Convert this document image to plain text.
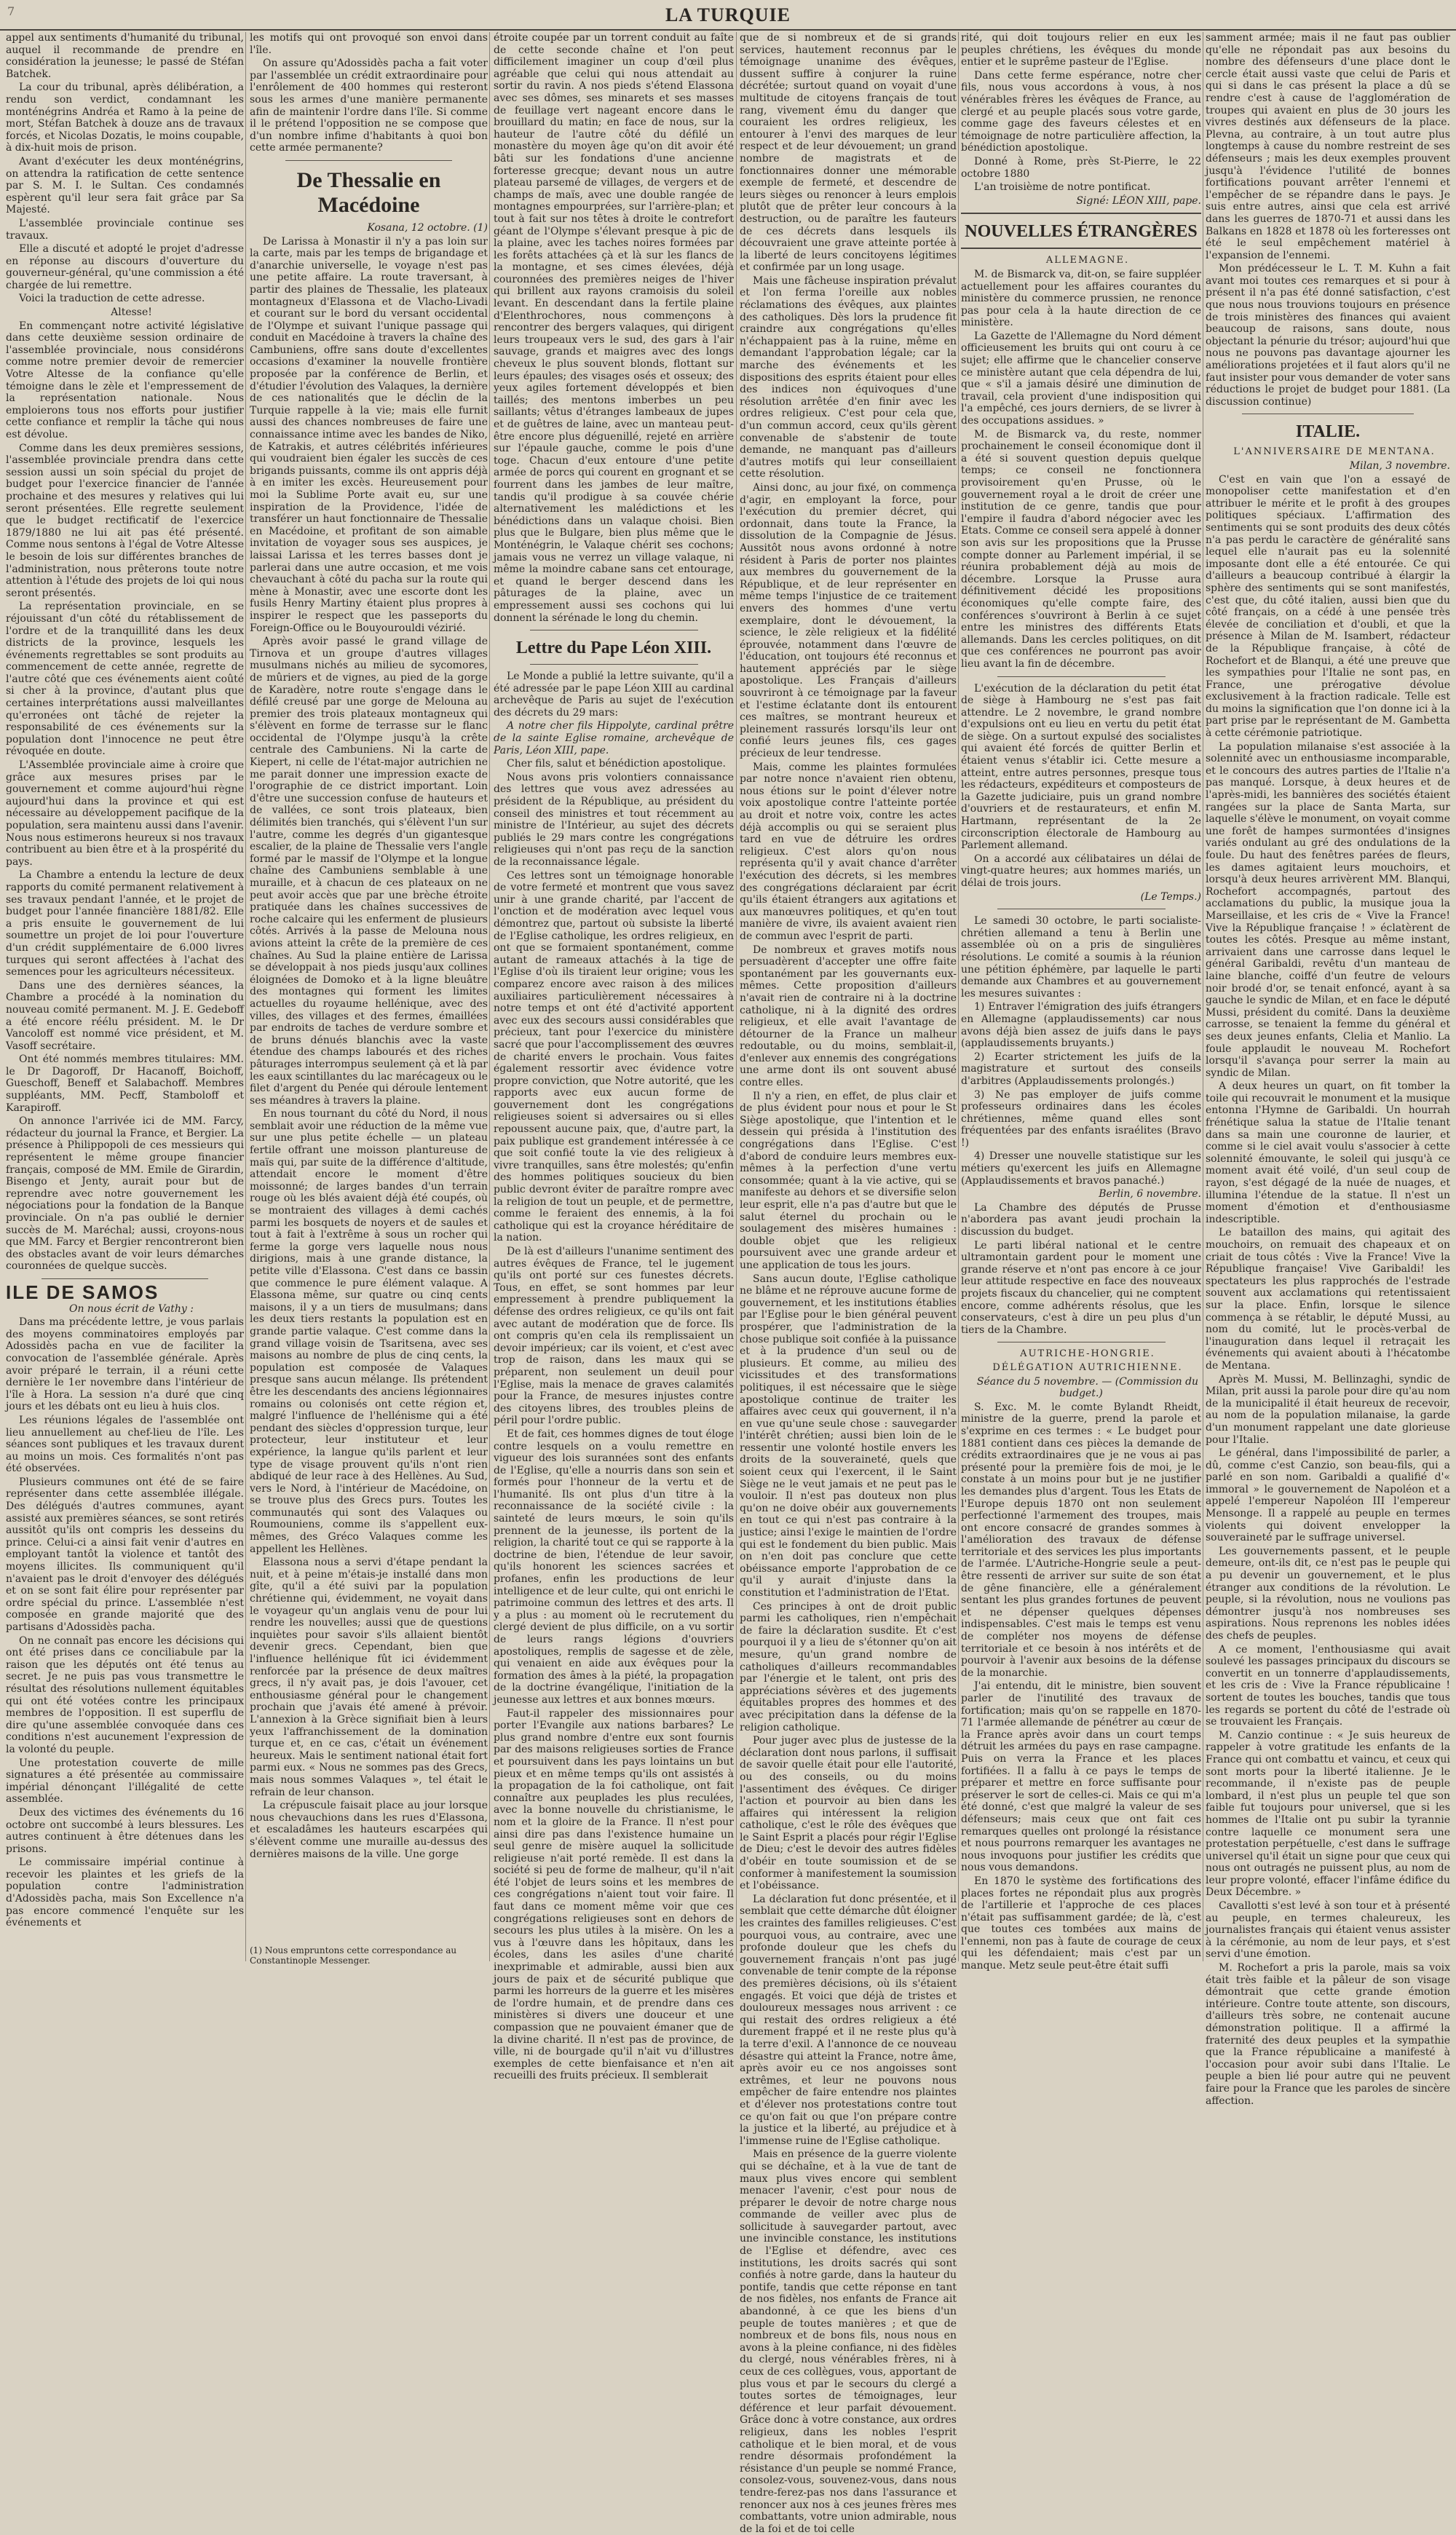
7	LA TURQUIE

appel aux sentiments d'humanité du tribunal, auquel il recommande de prendre en considération la jeunesse; le passé de Stéfan Batchek.

La cour du tribunal, après délibération, a rendu son verdict, condamnant les monténégrins Andréa et Ramo à la peine de mort, Stéfan Batchek à douze ans de travaux forcés, et Nicolas Dozatis, le moins coupable, à dix-huit mois de prison.

Avant d'exécuter les deux monténégrins, on attendra la ratification de cette sentence par S. M. I. le Sultan. Ces condamnés espèrent qu'il leur sera fait grâce par Sa Majesté.

L'assemblée provinciale continue ses travaux.

Elle a discuté et adopté le projet d'adresse en réponse au discours d'ouverture du gouverneur-général, qu'une commission a été chargée de lui remettre.

Voici la traduction de cette adresse.

Altesse!

En commençant notre activité législative dans cette deuxième session ordinaire de l'assemblée provinciale, nous considérons comme notre premier devoir de remercier Votre Altesse de la confiance qu'elle témoigne dans le zèle et l'empressement de la représentation nationale. Nous emploierons tous nos efforts pour justifier cette confiance et remplir la tâche qui nous est dévolue.

Comme dans les deux premières sessions, l'assemblée provinciale prendra dans cette session aussi un soin spécial du projet de budget pour l'exercice financier de l'année prochaine et des mesures y relatives qui lui seront présentées. Elle regrette seulement que le budget rectificatif de l'exercice 1879/1880 ne lui ait pas été présenté. Comme nous sentons à l'égal de Votre Altesse le besoin de lois sur différentes branches de l'administration, nous prêterons toute notre attention à l'étude des projets de loi qui nous seront présentés.

La représentation provinciale, en se réjouissant d'un côté du rétablissement de l'ordre et de la tranquillité dans les deux districts de la province, lesquels les événements regrettables se sont produits au commencement de cette année, regrette de l'autre côté que ces événements aient coûté si cher à la province, d'autant plus que certaines interprétations aussi malveillantes qu'erronées ont tâché de rejeter la responsabilité de ces événements sur la population dont l'innocence ne peut être révoquée en doute.

L'Assemblée provinciale aime à croire que grâce aux mesures prises par le gouvernement et comme aujourd'hui règne aujourd'hui dans la province et qui est nécessaire au développement pacifique de la population, sera maintenu aussi dans l'avenir. Nous nous estimerons heureux si nos travaux contribuent au bien être et à la prospérité du pays.

La Chambre a entendu la lecture de deux rapports du comité permanent relativement à ses travaux pendant l'année, et le projet de budget pour l'année financière 1881/82. Elle a pris ensuite le gouvernement de lui soumettre un projet de loi pour l'ouverture d'un crédit supplémentaire de 6.000 livres turques qui seront affectées à l'achat des semences pour les agriculteurs nécessiteux.

Dans une des dernières séances, la Chambre a procédé à la nomination du nouveau comité permanent. M. J. E. Gedeboff a été encore réélu président. M. le Dr Vancoloff est nommé vice président, et M. Vasoff secrétaire.

Ont été nommés membres titulaires: MM. le Dr Dagoroff, Dr Hacanoff, Boichoff, Gueschoff, Beneff et Salabachoff. Membres suppléants, MM. Pecff, Stamboloff et Karapiroff.

On annonce l'arrivée ici de MM. Farcy, rédacteur du journal la France, et Bergier. La présence à Philippopoli de ces messieurs qui représentent le même groupe financier français, composé de MM. Emile de Girardin, Bisengo et Jenty, aurait pour but de reprendre avec notre gouvernement les négociations pour la fondation de la Banque provinciale. On n'a pas oublié le dernier succès de M. Maréchal; aussi, croyons-nous que MM. Farcy et Bergier rencontreront bien des obstacles avant de voir leurs démarches couronnées de quelque succès.

ILE DE SAMOS

On nous écrit de Vathy :

Dans ma précédente lettre, je vous parlais des moyens comminatoires employés par Adossidès pacha en vue de faciliter la convocation de l'assemblée générale. Après avoir préparé le terrain, il a réuni cette dernière le 1er novembre dans l'intérieur de l'île à Hora. La session n'a duré que cinq jours et les débats ont eu lieu à huis clos.

Les réunions légales de l'assemblée ont lieu annuellement au chef-lieu de l'île. Les séances sont publiques et les travaux durent au moins un mois. Ces formalités n'ont pas été observées.

Plusieurs communes ont été de se faire représenter dans cette assemblée illégale. Des délégués d'autres communes, ayant assisté aux premières séances, se sont retirés aussitôt qu'ils ont compris les desseins du prince. Celui-ci a ainsi fait venir d'autres en employant tantôt la violence et tantôt des moyens illicites. Ils communiquent qu'il n'avaient pas le droit d'envoyer des délégués et on se sont fait élire pour représenter par ordre spécial du prince. L'assemblée n'est composée en grande majorité que des partisans d'Adossidès pacha.

On ne connaît pas encore les décisions qui ont été prises dans ce conciliabule par la raison que les députés ont été tenus au secret. Je ne puis pas vous transmettre le résultat des résolutions nullement équitables qui ont été votées contre les principaux membres de l'opposition. Il est superflu de dire qu'une assemblée convoquée dans ces conditions n'est aucunement l'expression de la volonté du peuple.

Une protestation couverte de mille signatures a été présentée au commissaire impérial dénonçant l'illégalité de cette assemblée.

Deux des victimes des événements du 16 octobre ont succombé à leurs blessures. Les autres continuent à être détenues dans les prisons.

Le commissaire impérial continue à recevoir les plaintes et les griefs de la population contre l'administration d'Adossidès pacha, mais Son Excellence n'a pas encore commencé l'enquête sur les événements et

les motifs qui ont provoqué son envoi dans l'île.

On assure qu'Adossidès pacha a fait voter par l'assemblée un crédit extraordinaire pour l'enrôlement de 400 hommes qui resteront sous les armes d'une manière permanente afin de maintenir l'ordre dans l'île. Si comme il le prétend l'opposition ne se compose que d'un nombre infime d'habitants à quoi bon cette armée permanente?

De Thessalie en Macédoine

Kosana, 12 octobre. (1)

De Larissa à Monastir il n'y a pas loin sur la carte, mais par les temps de brigandage et d'anarchie universelle, le voyage n'est pas une petite affaire. La route traversant, à partir des plaines de Thessalie, les plateaux montagneux d'Elassona et de Vlacho-Livadi et courant sur le bord du versant occidental de l'Olympe et suivant l'unique passage qui conduit en Macédoine à travers la chaîne des Cambuniens, offre sans doute d'excellentes occasions d'examiner la nouvelle frontière proposée par la conférence de Berlin, et d'étudier l'évolution des Valaques, la dernière de ces nationalités que le déclin de la Turquie rappelle à la vie; mais elle furnit aussi des chances nombreuses de faire une connaissance intime avec les bandes de Niko, de Katrakis, et autres célébrités inférieures qui voudraient bien égaler les succès de ces brigands puissants, comme ils ont appris déjà à en imiter les excès. Heureusement pour moi la Sublime Porte avait eu, sur une inspiration de la Providence, l'idée de transférer un haut fonctionnaire de Thessalie en Macédoine, et profitant de son aimable invitation de voyager sous ses auspices, je laissai Larissa et les terres basses dont je parlerai dans une autre occasion, et me vois chevauchant à côté du pacha sur la route qui mène à Monastir, avec une escorte dont les fusils Henry Martiny étaient plus propres à inspirer le respect que les passeports du Foreign-Office ou le Bouyourouldi vézirié.

Après avoir passé le grand village de Tirnova et un groupe d'autres villages musulmans nichés au milieu de sycomores, de mûriers et de vignes, au pied de la gorge de Karadère, notre route s'engage dans le défilé creusé par une gorge de Melouna au premier des trois plateaux montagneux qui s'élèvent en forme de terrasse sur le flanc occidental de l'Olympe jusqu'à la crête centrale des Cambuniens. Ni la carte de Kiepert, ni celle de l'état-major autrichien ne me parait donner une impression exacte de l'orographie de ce district important. Loin d'être une succession confuse de hauteurs et de vallées, ce sont trois plateaux, bien délimités bien tranchés, qui s'élèvent l'un sur l'autre, comme les degrés d'un gigantesque escalier, de la plaine de Thessalie vers l'angle formé par le massif de l'Olympe et la longue chaîne des Cambuniens semblable à une muraille, et à chacun de ces plateaux on ne peut avoir accès que par une brèche étroite pratiquée dans les chaînes successives de roche calcaire qui les enferment de plusieurs côtés. Arrivés à la passe de Melouna nous avions atteint la crête de la première de ces chaînes. Au Sud la plaine entière de Larissa se développait à nos pieds jusqu'aux collines éloignées de Domoko et à la ligne bleuâtre des montagnes qui forment les limites actuelles du royaume hellénique, avec des villes, des villages et des fermes, émaillées par endroits de taches de verdure sombre et de bruns dénués blanchis avec la vaste étendue des champs labourés et des riches pâturages interrompus seulement çà et là par les eaux scintillantes du lac marécageux ou le filet d'argent du Penée qui déroule lentement ses méandres à travers la plaine.

En nous tournant du côté du Nord, il nous semblait avoir une réduction de la même vue sur une plus petite échelle — un plateau fertile offrant une moisson plantureuse de maïs qui, par suite de la différence d'altitude, attendait encore le moment d'être moissonné; de larges bandes d'un terrain rouge où les blés avaient déjà été coupés, où se montraient des villages à demi cachés parmi les bosquets de noyers et de saules et tout à fait à l'extrême à sous un rocher qui ferme la gorge vers laquelle nous nous dirigions, mais à une grande distance, la petite ville d'Elassona. C'est dans ce bassin que commence le pure élément valaque. A Elassona même, sur quatre ou cinq cents maisons, il y a un tiers de musulmans; dans les deux tiers restants la population est en grande partie valaque. C'est comme dans la grand village voisin de Tsaritsena, avec ses maisons au nombre de plus de cinq cents, la population est composée de Valaques presque sans aucun mélange. Ils prétendent être les descendants des anciens légionnaires romains ou colonisés ont cette région et, malgré l'influence de l'hellénisme qui a été pendant des siècles d'oppression turque, leur protecteur, leur instituteur et leur expérience, la langue qu'ils parlent et leur type de visage prouvent qu'ils n'ont rien abdiqué de leur race à des Hellènes. Au Sud, vers le Nord, à l'intérieur de Macédoine, on se trouve plus des Grecs purs. Toutes les communautés qui sont des Valaques ou Roumouniens, comme ils s'appellent eux-mêmes, des Gréco Valaques comme les appellent les Hellènes.

Elassona nous a servi d'étape pendant la nuit, et à peine m'étais-je installé dans mon gîte, qu'il a été suivi par la population chrétienne qui, évidemment, ne voyait dans le voyageur qu'un anglais venu de pour lui rendre les nouvelles; aussi que de questions inquiètes pour savoir s'ils allaient bientôt devenir grecs. Cependant, bien que l'influence hellénique fût ici évidemment renforcée par la présence de deux maîtres grecs, il n'y avait pas, je dois l'avouer, cet enthousiasme général pour le changement prochain que j'avais été amené à prévoir. L'annexion à la Grèce signifiait bien à leurs yeux l'affranchissement de la domination turque et, en ce cas, c'était un événement heureux. Mais le sentiment national était fort parmi eux. « Nous ne sommes pas des Grecs, mais nous sommes Valaques », tel était le refrain de leur chanson.

La crépuscule faisait place au jour lorsque nous chevauchions dans les rues d'Elassona, et escaladâmes les hauteurs escarpées qui s'élèvent comme une muraille au-dessus des dernières maisons de la ville. Une gorge

(1) Nous empruntons cette correspondance au Constantinople Messenger.

étroite coupée par un torrent conduit au faîte de cette seconde chaîne et l'on peut difficilement imaginer un coup d'œil plus agréable que celui qui nous attendait au sortir du ravin. A nos pieds s'étend Elassona avec ses dômes, ses minarets et ses masses de feuillage vert nageant encore dans le brouillard du matin; en face de nous, sur la hauteur de l'autre côté du défilé un monastère du moyen âge qu'on dit avoir été bâti sur les fondations d'une ancienne forteresse grecque; devant nous un autre plateau parsemé de villages, de vergers et de champs de maïs, avec une double rangée de montagnes empourprées, sur l'arrière-plan; et tout à fait sur nos têtes à droite le contrefort géant de l'Olympe s'élevant presque à pic de la plaine, avec les taches noires formées par les forêts attachées çà et là sur les flancs de la montagne, et ses cimes élevées, déjà couronnées des premières neiges de l'hiver qui brillent aux rayons cramoisis du soleil levant. En descendant dans la fertile plaine d'Elenthrochores, nous commençons à rencontrer des bergers valaques, qui dirigent leurs troupeaux vers le sud, des gars à l'air sauvage, grands et maigres avec des longs cheveux le plus souvent blonds, flottant sur leurs épaules; des visages osés et osseux; des yeux agiles fortement développés et bien taillés; des mentons imberbes un peu saillants; vêtus d'étranges lambeaux de jupes et de guêtres de laine, avec un manteau peut-être encore plus déguenillé, rejeté en arrière sur l'épaule gauche, comme le pois d'une toge. Chacun d'eux entoure d'une petite armée de porcs qui courent en grognant et se fourrent dans les jambes de leur maître, tandis qu'il prodigue à sa couvée chérie alternativement les malédictions et les bénédictions dans un valaque choisi. Bien plus que le Bulgare, bien plus même que le Monténégrin, le Valaque chérit ses cochons; jamais vous ne verrez un village valaque, ni même la moindre cabane sans cet entourage, et quand le berger descend dans les pâturages de la plaine, avec un empressement aussi ses cochons qui lui donnent la sérénade le long du chemin.

Lettre du Pape Léon XIII.

Le Monde a publié la lettre suivante, qu'il a été adressée par le pape Léon XIII au cardinal archevêque de Paris au sujet de l'exécution des décrets du 29 mars:

A notre cher fils Hippolyte, cardinal prêtre de la sainte Eglise romaine, archevêque de Paris, Léon XIII, pape.

Cher fils, salut et bénédiction apostolique.

Nous avons pris volontiers connaissance des lettres que vous avez adressées au président de la République, au président du conseil des ministres et tout récemment au ministre de l'Intérieur, au sujet des décrets publiés le 29 mars contre les congrégations religieuses qui n'ont pas reçu de la sanction de la reconnaissance légale.

Ces lettres sont un témoignage honorable de votre fermeté et montrent que vous savez unir à une grande charité, par l'accent de l'onction et de modération avec lequel vous démontrez que, partout où subsiste la liberté de l'Eglise catholique, les ordres religieux, en ont que se formaient spontanément, comme autant de rameaux attachés à la tige de l'Eglise d'où ils tiraient leur origine; vous les comparez encore avec raison à des milices auxiliaires particulièrement nécessaires à notre temps et ont été d'activité apportent avec eux des secours aussi considérables que précieux, tant pour l'exercice du ministère sacré que pour l'accomplissement des œuvres de charité envers le prochain. Vous faites également ressortir avec évidence votre propre conviction, que Notre autorité, que les rapports avec eux aucun forme de gouvernement dont les congrégations religieuses soient si adversaires ou si elles repoussent aucune paix, que, d'autre part, la paix publique est grandement intéressée à ce que soit confié toute la vie des religieux à vivre tranquilles, sans être molestés; qu'enfin des hommes politiques soucieux du bien public devront éviter de paraître rompre avec la religion de tout un peuple, et de permettre, comme le feraient des ennemis, à la foi catholique qui est la croyance héréditaire de la nation.

De là est d'ailleurs l'unanime sentiment des autres évêques de France, tel le jugement qu'ils ont porté sur ces funestes décrets. Tous, en effet, se sont hommes par leur empressement à prendre publiquement la défense des ordres religieux, ce qu'ils ont fait avec autant de modération que de force. Ils ont compris qu'en cela ils remplissaient un devoir impérieux; car ils voient, et c'est avec trop de raison, dans les maux qui se préparent, non seulement un deuil pour l'Eglise, mais la menace de graves calamités pour la France, de mesures injustes contre des citoyens libres, des troubles pleins de péril pour l'ordre public.

Et de fait, ces hommes dignes de tout éloge contre lesquels on a voulu remettre en vigueur des lois surannées sont des enfants de l'Eglise, qu'elle a nourris dans son sein et formés pour l'honneur de la vertu et de l'humanité. Ils ont plus d'un titre à la reconnaissance de la société civile : la sainteté de leurs mœurs, le soin qu'ils prennent de la jeunesse, ils portent de la religion, la charité tout ce qui se rapporte à la doctrine de bien, l'étendue de leur savoir, qu'ils honorent les sciences sacrées et profanes, enfin les productions de leur intelligence et de leur culte, qui ont enrichi le patrimoine commun des lettres et des arts. Il y a plus : au moment où le recrutement du clergé devient de plus difficile, on a vu sortir de leurs rangs légions d'ouvriers apostoliques, remplis de sagesse et de zèle, qui venaient en aide aux évêques pour la formation des âmes à la piété, la propagation de la doctrine évangélique, l'initiation de la jeunesse aux lettres et aux bonnes mœurs.

Faut-il rappeler des missionnaires pour porter l'Evangile aux nations barbares? Le plus grand nombre d'entre eux sont fournis par des maisons religieuses sorties de France et poursuivent dans les pays lointains un but pieux et en même temps qu'ils ont assistés à la propagation de la foi catholique, ont fait connaître aux peuplades les plus reculées, avec la bonne nouvelle du christianisme, le nom et la gloire de la France. Il n'est pour ainsi dire pas dans l'existence humaine un seul genre de misère auquel la sollicitude religieuse n'ait porté remède. Il est dans la société si peu de forme de malheur, qu'il n'ait été l'objet de leurs soins et les membres de ces congrégations n'aient tout voir faire. Il faut dans ce moment même voir que ces congrégations religieuses sont en dehors de secours les plus utiles à la misère. On les a vus à l'œuvre dans les hôpitaux, dans les écoles, dans les asiles d'une charité inexprimable et admirable, aussi bien aux jours de paix et de sécurité publique que parmi les horreurs de la guerre et les misères de l'ordre humain, et de prendre dans ces ministères si divers une douceur et une compassion que ne pouvaient émaner que de la divine charité. Il n'est pas de province, de ville, ni de bourgade qu'il n'ait vu d'illustres exemples de cette bienfaisance et n'en ait recueilli des fruits précieux. Il semblerait

que de si nombreux et de si grands services, hautement reconnus par le témoignage unanime des évêques, dussent suffire à conjurer la ruine décrétée; surtout quand on voyait d'une multitude de citoyens français de tout rang, vivement ému du danger que couraient les ordres religieux, les entourer à l'envi des marques de leur respect et de leur dévouement; un grand nombre de magistrats et de fonctionnaires donner une mémorable exemple de fermeté, et descendre de leurs sièges ou renoncer à leurs emplois plutôt que de prêter leur concours à la destruction, ou de paraître les fauteurs de ces décrets dans lesquels ils découvraient une grave atteinte portée à la liberté de leurs concitoyens légitimes et confirmée par un long usage.

Mais une fâcheuse inspiration prévalut et l'on ferma l'oreille aux nobles réclamations des évêques, aux plaintes des catholiques. Dès lors la prudence fit craindre aux congrégations qu'elles n'échappaient pas à la ruine, même en demandant l'approbation légale; car la marche des événements et les dispositions des esprits étaient pour elles des indices non équivoques d'une résolution arrêtée d'en finir avec les ordres religieux. C'est pour cela que, d'un commun accord, ceux qu'ils gèrent convenable de s'abstenir de toute demande, ne manquant pas d'ailleurs d'autres motifs qui leur conseillaient cette résolution.

Ainsi donc, au jour fixé, on commença d'agir, en employant la force, pour l'exécution du premier décret, qui ordonnait, dans toute la France, la dissolution de la Compagnie de Jésus. Aussitôt nous avons ordonné à notre résident à Paris de porter nos plaintes aux membres du gouvernement de la République, et de leur représenter en même temps l'injustice de ce traitement envers des hommes d'une vertu exemplaire, dont le dévouement, la science, le zèle religieux et la fidélité éprouvée, notamment dans l'œuvre de l'éducation, ont toujours été reconnus et hautement appréciés par le siège apostolique. Les Français d'ailleurs souvriront à ce témoignage par la faveur et l'estime éclatante dont ils entourent ces maîtres, se montrant heureux et pleinement rassurés lorsqu'ils leur ont confié leurs jeunes fils, ces gages précieux de leur tendresse.

Mais, comme les plaintes formulées par notre nonce n'avaient rien obtenu, nous étions sur le point d'élever notre voix apostolique contre l'atteinte portée au droit et notre voix, contre les actes déjà accomplis ou qui se seraient plus tard en vue de détruire les ordres religieux. C'est alors qu'on nous représenta qu'il y avait chance d'arrêter l'exécution des décrets, si les membres des congrégations déclaraient par écrit qu'ils étaient étrangers aux agitations et aux manœuvres politiques, et qu'en tout manière de vivre, ils avaient avaient rien de commun avec l'esprit de parti.

De nombreux et graves motifs nous persuadèrent d'accepter une offre faite spontanément par les gouvernants eux-mêmes. Cette proposition d'ailleurs n'avait rien de contraire ni à la doctrine catholique, ni à la dignité des ordres religieux, et elle avait l'avantage de détourner de la France un malheur redoutable, ou du moins, semblait-il, d'enlever aux ennemis des congrégations une arme dont ils ont souvent abusé contre elles.

Il n'y a rien, en effet, de plus clair et de plus évident pour nous et pour le St Siège apostolique, que l'intention et le dessein qui présida à l'institution des congrégations dans l'Eglise. C'est d'abord de conduire leurs membres eux-mêmes à la perfection d'une vertu consommée; quant à la vie active, qui se manifeste au dehors et se diversifie selon leur esprit, elle n'a pas d'autre but que le salut éternel du prochain ou le soulagement des misères humaines : double objet que les religieux poursuivent avec une grande ardeur et une application de tous les jours.

Sans aucun doute, l'Eglise catholique ne blâme et ne réprouve aucune forme de gouvernement, et les institutions établies par l'Eglise pour le bien général peuvent prospérer, que l'administration de la chose publique soit confiée à la puissance et à la prudence d'un seul ou de plusieurs. Et comme, au milieu des vicissitudes et des transformations politiques, il est nécessaire que le siège apostolique continue de traiter les affaires avec ceux qui gouvernent, il n'a en vue qu'une seule chose : sauvegarder l'intérêt chrétien; aussi bien loin de le ressentir une volonté hostile envers les droits de la souveraineté, quels que soient ceux qui l'exercent, il le Saint Siège ne le veut jamais et ne peut pas le vouloir. Il n'est pas douteux non plus qu'on ne doive obéir aux gouvernements en tout ce qui n'est pas contraire à la justice; ainsi l'exige le maintien de l'ordre qui est le fondement du bien public. Mais on n'en doit pas conclure que cette obéissance emporte l'approbation de ce qu'il y aurait d'injuste dans la constitution et l'administration de l'Etat.

Ces principes à ont de droit public parmi les catholiques, rien n'empêchait de faire la déclaration susdite. Et c'est pourquoi il y a lieu de s'étonner qu'on ait mesure, qu'un grand nombre de catholiques d'ailleurs recommandables par l'énergie et le talent, ont pris des appréciations sévères et des jugements équitables propres des hommes et des avec précipitation dans la défense de la religion catholique.

Pour juger avec plus de justesse de la déclaration dont nous parlons, il suffisait de savoir quelle était pour elle l'autorité, ou des conseils, ou du moins l'assentiment des évêques. Ce diriger l'action et pourvoir au bien dans les affaires qui intéressent la religion catholique, c'est le rôle des évêques que le Saint Esprit a placés pour régir l'Eglise de Dieu; c'est le devoir des autres fidèles d'obéir en toute soumission et de se conformer à manifestement la soumission et l'obéissance.

La déclaration fut donc présentée, et il semblait que cette démarche dût éloigner les craintes des familles religieuses. C'est pourquoi vous, au contraire, avec une profonde douleur que les chefs du gouvernement français n'ont pas jugé convenable de tenir compte de la réponse des premières décisions, où ils s'étaient engagés. Et voici que déjà de tristes et douloureux messages nous arrivent : ce qui restait des ordres religieux a été durement frappé et il ne reste plus qu'à la terre d'exil. A l'annonce de ce nouveau désastre qui atteint la France, notre âme, après avoir eu ce nos angoisses sont extrêmes, et leur ne pouvons nous empêcher de faire entendre nos plaintes et d'élever nos protestations contre tout ce qu'on fait ou que l'on prépare contre la justice et la liberté, au préjudice et à l'immense ruine de l'Eglise catholique.

Mais en présence de la guerre violente qui se déchaîne, et à la vue de tant de maux plus vives encore qui semblent menacer l'avenir, c'est pour nous de préparer le devoir de notre charge nous commande de veiller avec plus de sollicitude à sauvegarder partout, avec une invincible constance, les institutions de l'Eglise et défendre, avec ces institutions, les droits sacrés qui sont confiés à notre garde, dans la hauteur du pontife, tandis que cette réponse en tant de nos fidèles, nos enfants de France ait abandonné, à ce que les biens d'un peuple de toutes manières ; et que de nombreux et de bons fils, nous nous en avons à la pleine confiance, ni des fidèles du clergé, nous vénérables frères, ni à ceux de ces collègues, vous, apportant de plus vous et par le secours du clergé a toutes sortes de témoignages, leur déférence et leur parfait dévouement. Grâce donc à votre constance, aux ordres religieux, dans les nobles l'esprit catholique et le bien moral, et de vous rendre désormais profondément la résistance d'un peuple se nommé France, consolez-vous, souvenez-vous, dans nous tendre-ferez-pas nos dans l'assurance et renoncer aux nos à ces jeunes frères mes combattants, votre union admirable, nous de la foi et de toi celle

rité, qui doit toujours relier en eux les peuples chrétiens, les évêques du monde entier et le suprême pasteur de l'Eglise.

Dans cette ferme espérance, notre cher fils, nous vous accordons à vous, à nos vénérables frères les évêques de France, au clergé et au peuple placés sous votre garde, comme gage des faveurs célestes et en témoignage de notre particulière affection, la bénédiction apostolique.

Donné à Rome, près St-Pierre, le 22 octobre 1880

L'an troisième de notre pontificat.

Signé: LÉON XIII, pape.

NOUVELLES ÉTRANGÈRES

ALLEMAGNE.

M. de Bismarck va, dit-on, se faire suppléer actuellement pour les affaires courantes du ministère du commerce prussien, ne renonce pas pour cela à la haute direction de ce ministère.

La Gazette de l'Allemagne du Nord dément officieusement les bruits qui ont couru à ce sujet; elle affirme que le chancelier conserve ce ministère autant que cela dépendra de lui, que « s'il a jamais désiré une diminution de travail, cela provient d'une indisposition qui l'a empêché, ces jours derniers, de se livrer à des occupations assidues. »

M. de Bismarck va, du reste, nommer prochainement le conseil économique dont il a été si souvent question depuis quelque temps; ce conseil ne fonctionnera provisoirement qu'en Prusse, où le gouvernement royal a le droit de créer une institution de ce genre, tandis que pour l'empire il faudra d'abord négocier avec les Etats. Comme ce conseil sera appelé à donner son avis sur les propositions que la Prusse compte donner au Parlement impérial, il se réunira probablement déjà au mois de décembre. Lorsque la Prusse aura définitivement décidé les propositions économiques qu'elle compte faire, des conférences s'ouvriront à Berlin à ce sujet entre les ministres des différents Etats allemands. Dans les cercles politiques, on dit que ces conférences ne pourront pas avoir lieu avant la fin de décembre.

L'exécution de la déclaration du petit état de siège à Hambourg ne s'est pas fait attendre. Le 2 novembre, le grand nombre d'expulsions ont eu lieu en vertu du petit état de siège. On a surtout expulsé des socialistes qui avaient été forcés de quitter Berlin et étaient venus s'établir ici. Cette mesure a atteint, entre autres personnes, presque tous les rédacteurs, expéditeurs et composteurs de la Gazette judiciaire, puis un grand nombre d'ouvriers et de restaurateurs, et enfin M. Hartmann, représentant de la 2e circonscription électorale de Hambourg au Parlement allemand.

On a accordé aux célibataires un délai de vingt-quatre heures; aux hommes mariés, un délai de trois jours.

(Le Temps.)

Le samedi 30 octobre, le parti socialiste-chrétien allemand a tenu à Berlin une assemblée où on a pris de singulières résolutions. Le comité a soumis à la réunion une pétition éphémère, par laquelle le parti demande aux Chambres et au gouvernement les mesures suivantes :

1) Entraver l'émigration des juifs étrangers en Allemagne (applaudissements) car nous avons déjà bien assez de juifs dans le pays (applaudissements bruyants.)

2) Ecarter strictement les juifs de la magistrature et surtout des conseils d'arbitres (Applaudissements prolongés.)

3) Ne pas employer de juifs comme professeurs ordinaires dans les écoles chrétiennes, même quand elles sont fréquentées par des enfants israélites (Bravo !)

4) Dresser une nouvelle statistique sur les métiers qu'exercent les juifs en Allemagne (Applaudissements et bravos panaché.)

Berlin, 6 novembre.

La Chambre des députés de Prusse n'abordera pas avant jeudi prochain la discussion du budget.

Le parti libéral national et le centre ultramontain gardent pour le moment une grande réserve et n'ont pas encore à ce jour leur attitude respective en face des nouveaux projets fiscaux du chancelier, qui ne comptent encore, comme adhérents résolus, que les conservateurs, c'est à dire un peu plus d'un tiers de la Chambre.

AUTRICHE-HONGRIE.

DÉLÉGATION AUTRICHIENNE.

Séance du 5 novembre. — (Commission du budget.)

S. Exc. M. le comte Bylandt Rheidt, ministre de la guerre, prend la parole et s'exprime en ces termes : « Le budget pour 1881 contient dans ces pièces la demande de crédits extraordinaires que je ne vous ai pas présenté pour la première fois de moi, je le constate à un moins pour but je ne justifier les demandes plus d'argent. Tous les Etats de l'Europe depuis 1870 ont non seulement perfectionné l'armement des troupes, mais ont encore consacré de grandes sommes à l'amélioration des travaux de défense territoriale et des services les plus importants de l'armée. L'Autriche-Hongrie seule a peut-être ressenti de arriver sur suite de son état de gêne financière, elle a généralement sentant les plus grandes fortunes de peuvent et ne dépenser quelques dépenses indispensables. C'est mais le temps est venu de compléter nos moyens de défense territoriale et ce besoin à nos intérêts et de pourvoir à l'avenir aux besoins de la défense de la monarchie.

J'ai entendu, dit le ministre, bien souvent parler de l'inutilité des travaux de fortification; mais qu'on se rappelle en 1870-71 l'armée allemande de pénétrer au cœur de la France après avoir dans un court temps détruit les armées du pays en rase campagne. Puis on verra la France et les places fortifiées. Il a fallu à ce pays le temps de préparer et mettre en force suffisante pour préserver le sort de celles-ci. Mais ce qui m'a été donné, c'est que malgré la valeur de ses défenseurs; mais ceux que ont fait ces remarques quelles ont prolongé la résistance et nous pourrons remarquer les avantages ne nous invoquons pour justifier les crédits que nous vous demandons.

En 1870 le système des fortifications des places fortes ne répondait plus aux progrès de l'artillerie et l'approche de ces places n'était pas suffisamment gardée; de là, c'est que toutes ces tombées aux mains de l'ennemi, non pas à faute de courage de ceux qui les défendaient; mais c'est par un manque. Metz seule peut-être était suffi

samment armée; mais il ne faut pas oublier qu'elle ne répondait pas aux besoins du nombre des défenseurs d'une place dont le cercle était aussi vaste que celui de Paris et qui si dans le cas présent la place a dû se rendre c'est à cause de l'agglomération de troupes qui avaient en plus de 30 jours les vivres destinés aux défenseurs de la place. Plevna, au contraire, à un tout autre plus longtemps à cause du nombre restreint de ses défenseurs ; mais les deux exemples prouvent jusqu'à l'évidence l'utilité de bonnes fortifications pouvant arrêter l'ennemi et l'empêcher de se répandre dans le pays. Je suis entre autres, ainsi que cela est arrivé dans les guerres de 1870-71 et aussi dans les Balkans en 1828 et 1878 où les forteresses ont été le seul empêchement matériel à l'expansion de l'ennemi.

Mon prédécesseur le L. T. M. Kuhn a fait avant moi toutes ces remarques et si pour à présent il n'a pas été donné satisfaction, c'est que nous nous trouvions toujours en présence de trois ministères des finances qui avaient beaucoup de raisons, sans doute, nous objectant la pénurie du trésor; aujourd'hui que nous ne pouvons pas davantage ajourner les améliorations projetées et il faut alors qu'il ne faut insister pour vous demander de voter sans réductions le projet de budget pour 1881. (La discussion continue)

ITALIE.

L'ANNIVERSAIRE DE MENTANA.

Milan, 3 novembre.

C'est en vain que l'on a essayé de monopoliser cette manifestation et d'en attribuer le mérite et le profit à des groupes politiques spéciaux. L'affirmation des sentiments qui se sont produits des deux côtés n'a pas perdu le caractère de généralité sans lequel elle n'aurait pas eu la solennité imposante dont elle a été entourée. Ce qui d'ailleurs a beaucoup contribué à élargir la sphère des sentiments qui se sont manifestés, c'est que, du côté italien, aussi bien que du côté français, on a cédé à une pensée très élevée de conciliation et d'oubli, et que la présence à Milan de M. Isambert, rédacteur de la République française, à côté de Rochefort et de Blanqui, a été une preuve que les sympathies pour l'Italie ne sont pas, en France, une prérogative dévolue exclusivement à la fraction radicale. Telle est du moins la signification que l'on donne ici à la part prise par le représentant de M. Gambetta à cette cérémonie patriotique.

La population milanaise s'est associée à la solennité avec un enthousiasme incomparable, et le concours des autres parties de l'Italie n'a pas manqué. Lorsque, à deux heures et de l'après-midi, les bannières des sociétés étaient rangées sur la place de Santa Marta, sur laquelle s'élève le monument, on voyait comme une forêt de hampes surmontées d'insignes variés ondulant au gré des ondulations de la foule. Du haut des fenêtres parées de fleurs, les dames agitaient leurs mouchoirs, et lorsqu'à deux heures arrivèrent MM. Blanqui, Rochefort accompagnés, partout des acclamations du public, la musique joua la Marseillaise, et les cris de « Vive la France! Vive la République française ! » éclatèrent de toutes les côtés. Presque au même instant, arrivaient dans une carrosse dans lequel le général Garibaldi, revêtu d'un manteau de laine blanche, coiffé d'un feutre de velours noir brodé d'or, se tenait enfoncé, ayant à sa gauche le syndic de Milan, et en face le député Mussi, président du comité. Dans la deuxième carrosse, se tenaient la femme du général et ses deux jeunes enfants, Clelia et Manlio. La foule applaudit le nouveau M. Rochefort lorsqu'il s'avança pour serrer la main au syndic de Milan.

A deux heures un quart, on fit tomber la toile qui recouvrait le monument et la musique entonna l'Hymne de Garibaldi. Un hourrah frénétique salua la statue de l'Italie tenant dans sa main une couronne de laurier, et comme si le ciel avait voulu s'associer à cette solennité émouvante, le soleil qui jusqu'à ce moment avait été voilé, d'un seul coup de rayon, s'est dégagé de la nuée de nuages, et illumina l'étendue de la statue. Il n'est un moment d'émotion et d'enthousiasme indescriptible.

Le bataillon des mains, qui agitait des mouchoirs, on remuait des chapeaux et on criait de tous côtés : Vive la France! Vive la République française! Vive Garibaldi! les spectateurs les plus rapprochés de l'estrade souvent aux acclamations qui retentissaient sur la place. Enfin, lorsque le silence commença à se rétablir, le député Mussi, au nom du comité, lut le procès-verbal de l'inauguration dans lequel il retraçait les événements qui avaient abouti à l'hécatombe de Mentana.

Après M. Mussi, M. Bellinzaghi, syndic de Milan, prit aussi la parole pour dire qu'au nom de la municipalité il était heureux de recevoir, au nom de la population milanaise, la garde d'un monument rappelant une date glorieuse pour l'Italie.

Le général, dans l'impossibilité de parler, a dû, comme c'est Canzio, son beau-fils, qui a parlé en son nom. Garibaldi a qualifié d'« immoral » le gouvernement de Napoléon et a appelé l'empereur Napoléon III l'empereur Mensonge. Il a rappelé au peuple en termes violents qui doivent envelopper la souveraineté par le suffrage universel.

Les gouvernements passent, et le peuple demeure, ont-ils dit, ce n'est pas le peuple qui a pu devenir un gouvernement, et le plus étranger aux conditions de la révolution. Le peuple, si la révolution, nous ne voulions pas démontrer jusqu'à nos nombreuses ses aspirations. Nous reprenons les nobles idées des chefs de peuples.

A ce moment, l'enthousiasme qui avait soulevé les passages principaux du discours se convertit en un tonnerre d'applaudissements, et les cris de : Vive la France républicaine ! sortent de toutes les bouches, tandis que tous les regards se portent du côté de l'estrade où se trouvaient les Français.

M. Canzio continue : « Je suis heureux de rappeler à votre gratitude les enfants de la France qui ont combattu et vaincu, et ceux qui sont morts pour la liberté italienne. Je le recommande, il n'existe pas de peuple lombard, il n'est plus un peuple tel que son faible fut toujours pour universel, que si les hommes de l'Italie ont pu subir la tyrannie contre laquelle ce monument sera une protestation perpétuelle, c'est dans le suffrage universel qu'il était un signe pour que ceux qui nous ont outragés ne puissent plus, au nom de leur propre volonté, effacer l'infâme édifice du Deux Décembre. »

Cavallotti s'est levé à son tour et à présenté au peuple, en termes chaleureux, les journalistes français qui étaient venus assister à la cérémonie, au nom de leur pays, et s'est servi d'une émotion.

M. Rochefort a pris la parole, mais sa voix était très faible et la pâleur de son visage démontrait que cette grande émotion intérieure. Contre toute attente, son discours, d'ailleurs très sobre, ne contenait aucune démonstration politique. Il a affirmé la fraternité des deux peuples et la sympathie que la France républicaine a manifesté à l'occasion pour avoir subi dans l'Italie. Le peuple a bien lié pour autre qui ne peuvent faire pour la France que les paroles de sincère affection.
